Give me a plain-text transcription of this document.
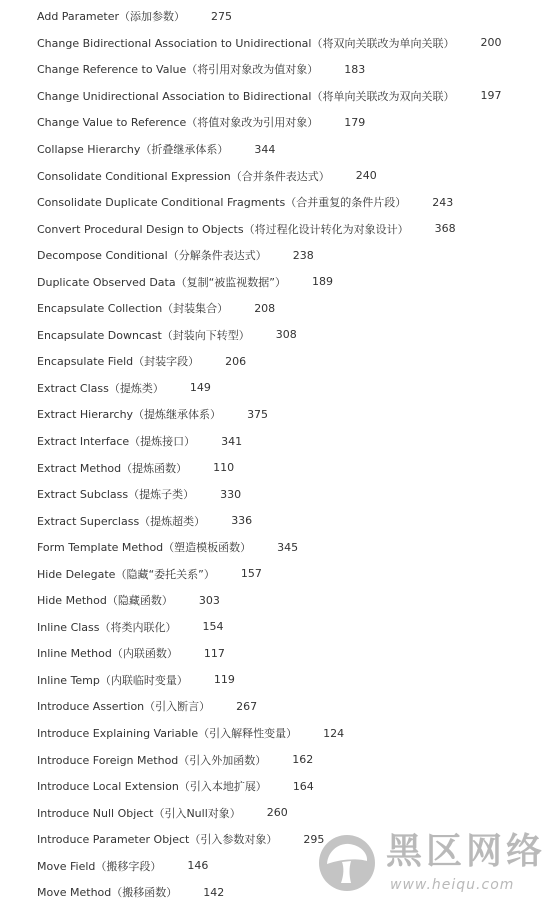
Add Parameter（添加参数） 275
Change Bidirectional Association to Unidirectional（将双向关联改为单向关联） 200
Change Reference to Value（将引用对象改为值对象） 183
Change Unidirectional Association to Bidirectional（将单向关联改为双向关联） 197
Change Value to Reference（将值对象改为引用对象） 179
Collapse Hierarchy（折叠继承体系） 344
Consolidate Conditional Expression（合并条件表达式） 240
Consolidate Duplicate Conditional Fragments（合并重复的条件片段） 243
Convert Procedural Design to Objects（将过程化设计转化为对象设计） 368
Decompose Conditional（分解条件表达式） 238
Duplicate Observed Data（复制“被监视数据”） 189
Encapsulate Collection（封装集合） 208
Encapsulate Downcast（封装向下转型） 308
Encapsulate Field（封装字段） 206
Extract Class（提炼类） 149
Extract Hierarchy（提炼继承体系） 375
Extract Interface（提炼接口） 341
Extract Method（提炼函数） 110
Extract Subclass（提炼子类） 330
Extract Superclass（提炼超类） 336
Form Template Method（塑造模板函数） 345
Hide Delegate（隐藏“委托关系”） 157
Hide Method（隐藏函数） 303
Inline Class（将类内联化） 154
Inline Method（内联函数） 117
Inline Temp（内联临时变量） 119
Introduce Assertion（引入断言） 267
Introduce Explaining Variable（引入解释性变量） 124
Introduce Foreign Method（引入外加函数） 162
Introduce Local Extension（引入本地扩展） 164
Introduce Null Object（引入Null对象） 260
Introduce Parameter Object（引入参数对象） 295
Move Field（搬移字段） 146
Move Method（搬移函数） 142
黑区网络
www.heiqu.com
